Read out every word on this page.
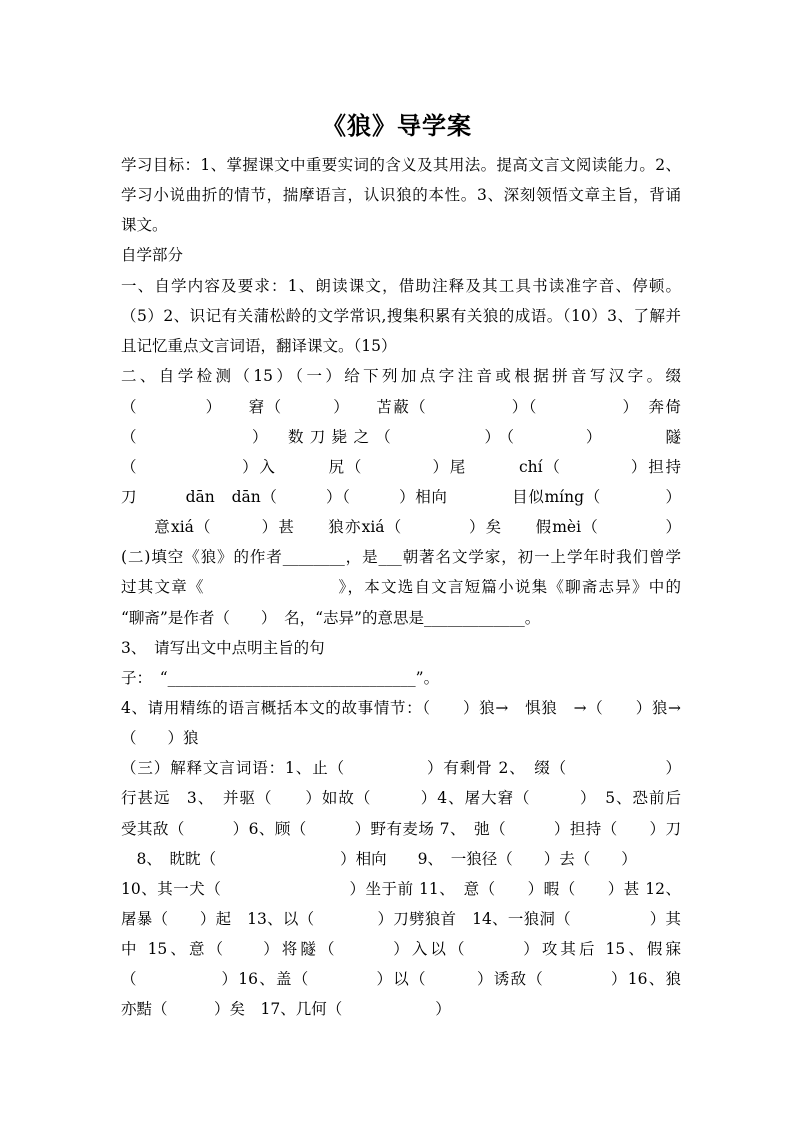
《狼》导学案
学习目标：1、掌握课文中重要实词的含义及其用法。提高文言文阅读能力。2、
学习小说曲折的情节，揣摩语言，认识狼的本性。3、深刻领悟文章主旨，背诵
课文。
自学部分
一、自学内容及要求：1、朗读课文，借助注释及其工具书读准字音、停顿。
（5）2、识记有关蒲松龄的文学常识,搜集积累有关狼的成语。（10）3、了解并
且记忆重点文言词语，翻译课文。（15）
二、自学检测（15）（一）给下列加点字注音或根据拼音写汉字。缀
（　　　　）　　窘（　　　）　　苫蔽（　　　　　）（　　　　　）　奔倚
（　　　　　）　数刀毙之（　　　　）（　　　）　　　隧
（　　　　　　）入　　　尻（　　　　）尾　　　chí（　　　　）担持
刀　　　dān　dān（　　　）（　　　）相向　　　　目似míng（　　　　）
　　意xiá（　　　）甚　　狼亦xiá（　　　　）矣　　假mèi（　　　　）
(二)填空《狼》的作者________，是___朝著名文学家，初一上学年时我们曾学
过其文章《　　　　　　　　》，本文选自文言短篇小说集《聊斋志异》中的
“聊斋”是作者（　　）　名，“志异”的意思是_____________。
3、　请写出文中点明主旨的句
子：　“________________________________”。
4、请用精练的语言概括本文的故事情节：（　　）狼→　惧狼　→（　　）狼→
（　　）狼
（三）解释文言词语：1、止（　　　　　）有剩骨 2、　缀（　　　　　　）
行甚远　3、　并驱（　　）如故（　　　）4、屠大窘（　　　）　5、恐前后
受其敌（　　　）6、顾（　　　）野有麦场 7、　弛（　　　）担持（　　）刀
　8、　眈眈（　　　　　　　　）相向　　9、　一狼径（　　）去（　　）
10、其一犬（　　　　　　　　）坐于前 11、　意（　　）暇（　　）甚 12、
屠暴（　　）起　13、以（　　　　）刀劈狼首　14、一狼洞（　　　　　）其
中 15、意（　　）将隧（　　　）入以（　　　）攻其后 15、假寐
（　　　　　）16、盖（　　　　）以（　　　）诱敌（　　　　）16、狼
亦黠（　　　）矣　17、几何（　　　　　　）
